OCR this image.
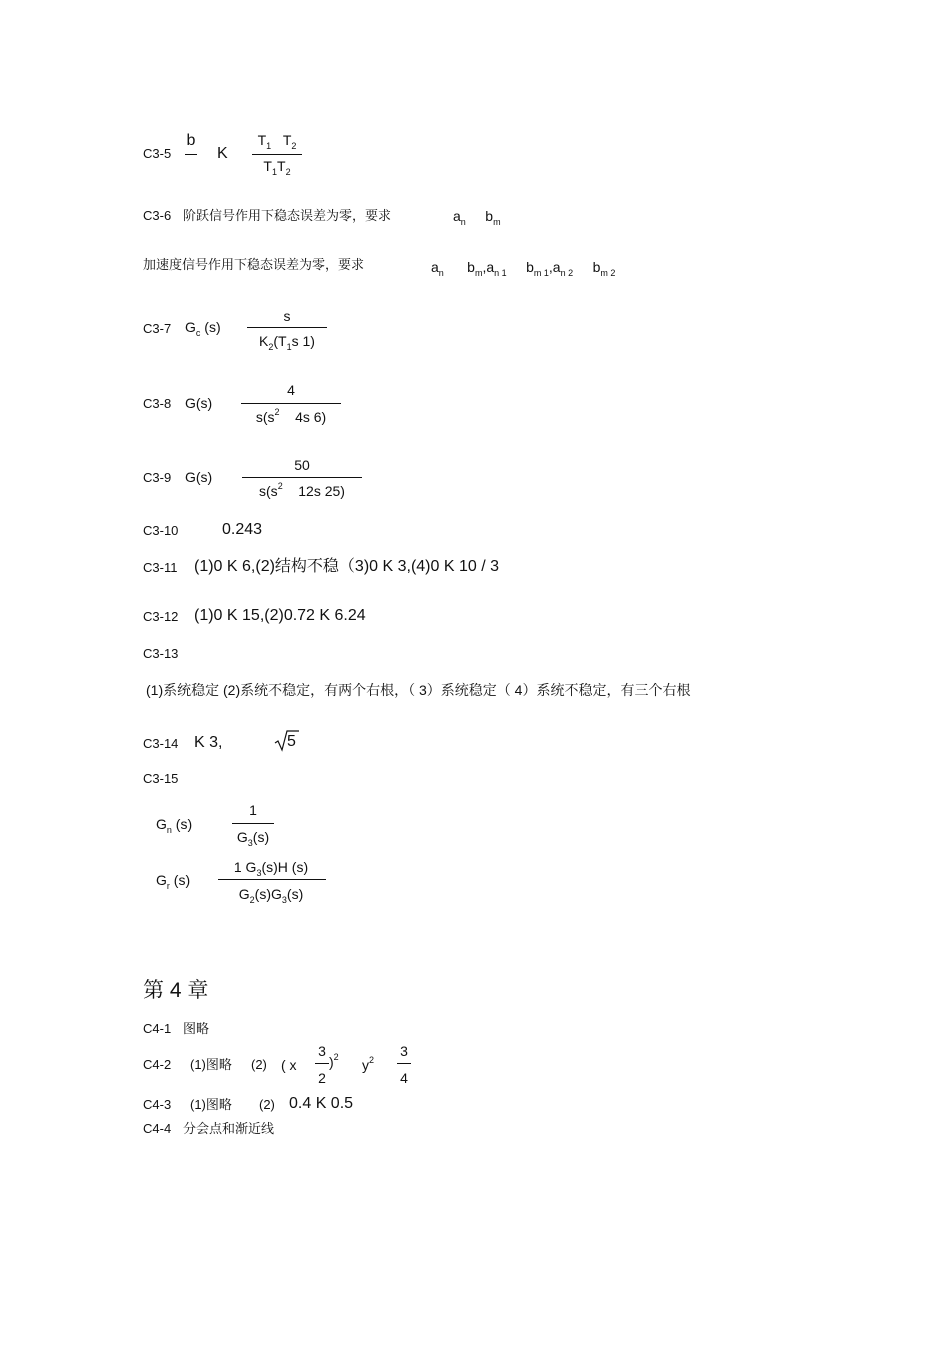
C3-5
b
K
$T_1$ $T_2$
$T_1T_2$
C3-6 阶跃信号作用下稳态误差为零，要求	$a_n$ $b_m$
加速度信号作用下稳态误差为零，要求	$a_n$ $b_m,a_{n 1}$ $b_{m 1},a_{n 2}$ $b_{m 2}$
C3-7 $G_c$ (s)
s
$K_2(T_1s$ 1)
C3-8 G(s)
4
$s(s^2$ 4s 6)
C3-9 G(s)
50
$s(s^2$ 12s 25)
C3-10	0.243
C3-11 (1)0 K 6,(2)结构不稳（3)0 K 3,(4)0 K 10 / 3
C3-12 (1)0 K 15,(2)0.72 K 6.24
C3-13
(1)系统稳定 (2)系统不稳定，有两个右根，（ 3）系统稳定（ 4）系统不稳定，有三个右根
C3-14 K 3,	5
C3-15
$G_n$ (s)
1
$G_3(s)$
$G_r$ (s)
1 $G_3(s)H$ (s)
$G_2(s)G_3(s)$
第 4 章
C4-1 图略
C4-2 (1)图略 (2) ( x
3
2
)$^2$ $y^2$
3
4
C4-3 (1)图略 (2) 0.4 K 0.5
C4-4 分会点和渐近线
